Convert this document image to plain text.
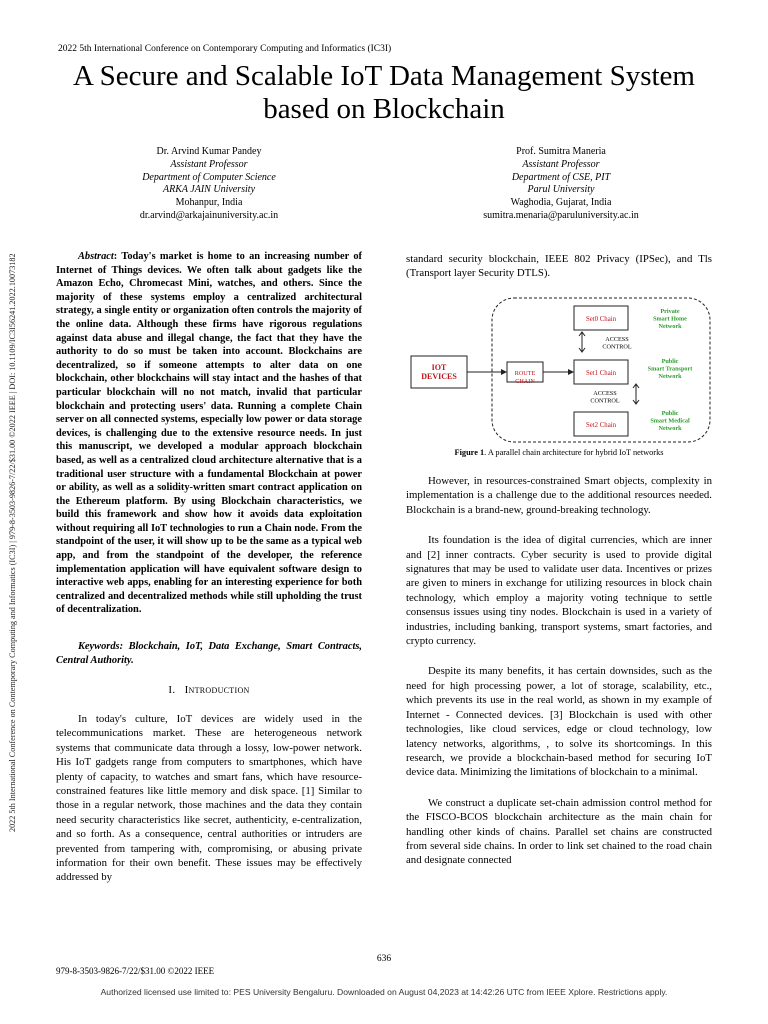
2022 5th International Conference on Contemporary Computing and Informatics (IC3I)
A Secure and Scalable IoT Data Management System based on Blockchain
2022 5th International Conference on Contemporary Computing and Informatics (IC3I) | 979-8-3503-9826-7/22/$31.00 ©2022 IEEE | DOI: 10.1109/IC3I56241.2022.10073182
Dr. Arvind Kumar Pandey
Assistant Professor
Department of Computer Science
ARKA JAIN University
Mohanpur, India
dr.arvind@arkajainuniversity.ac.in
Prof. Sumitra Maneria
Assistant Professor
Department of CSE, PIT
Parul University
Waghodia, Gujarat, India
sumitra.menaria@paruluniversity.ac.in
Abstract: Today's market is home to an increasing number of Internet of Things devices. We often talk about gadgets like the Amazon Echo, Chromecast Mini, watches, and others. Since the majority of these systems employ a centralized architectural strategy, a single entity or organization often controls the majority of the online data. Although these firms have rigorous regulations against data abuse and illegal change, the fact that they have the authority to do so must be taken into account. Blockchains are decentralized, so if someone attempts to alter data on one blockchain, other blockchains will stay intact and the hashes of that particular blockchain will no not match, invalid that particular blockchain and protecting users' data. Running a complete Chain server on all connected systems, especially low power or data storage devices, is challenging due to the extensive resource needs. In just this manuscript, we developed a modular approach blockchain based, as well as a centralized cloud architecture alternative that is a traditional user structure with a fundamental Blockchain at power or ability, as well as a solidity-written smart contract application on the Ethereum platform. By using Blockchain characteristics, we build this framework and show how it avoids data exploitation without requiring all IoT technologies to run a Chain node. From the standpoint of the user, it will show up to be the same as a typical web app, and from the standpoint of the developer, the reference implementation application will have equivalent software design to interactive web apps, enabling for an interesting experience for both centralized and decentralized methods while still upholding the trust of decentralization.
Keywords: Blockchain, IoT, Data Exchange, Smart Contracts, Central Authority.
I. Introduction

In today's culture, IoT devices are widely used in the telecommunications market. These are heterogeneous network systems that communicate data through a lossy, low-power network. His IoT gadgets range from computers to smartphones, which have plenty of capacity, to watches and smart fans, which have resource-constrained features like little memory and disk space. [1] Similar to those in a regular network, those machines and the data they contain need security characteristics like secret, authenticity, e-centralization, and so forth. As a consequence, central authorities or intruders are prevented from tampering with, compromising, or abusing private information for their own benefit. These issues may be effectively addressed by

standard security blockchain, IEEE 802 Privacy (IPSec), and Tls (Transport layer Security DTLS).

IOT DEVICES	ROUTE CHAIN
Set0 Chain
Set1 Chain
Set2 Chain
ACCESS CONTROL
ACCESS CONTROL
Private Smart Home Network
Public Smart Transport Network
Public Smart Medical Network
Figure 1. A parallel chain architecture for hybrid IoT networks

However, in resources-constrained Smart objects, complexity in implementation is a challenge due to the additional resources needed. Blockchain is a brand-new, ground-breaking technology.

Its foundation is the idea of digital currencies, which are inner and [2] inner contracts. Cyber security is used to provide digital signatures that may be used to validate user data. Incentives or prizes are given to miners in exchange for utilizing resources in block chain technology, which employ a majority voting technique to settle consensus issues using tiny nodes. Blockchain is used in a variety of industries, including banking, transport systems, smart factories, and crypto currency.

Despite its many benefits, it has certain downsides, such as the need for high processing power, a lot of storage, scalability, etc., which prevents its use in the real world, as shown in my example of Internet - Connected devices. [3] Blockchain is used with other technologies, like cloud services, edge or cloud technology, low latency networks, algorithms, , to solve its shortcomings. In this research, we provide a blockchain-based method for securing IoT device data. Minimizing the limitations of blockchain to a minimal.

We construct a duplicate set-chain admission control method for the FISCO-BCOS blockchain architecture as the main chain for handling other kinds of chains. Parallel set chains are constructed from several side chains. In order to link set chained to the road chain and designate connected

636
979-8-3503-9826-7/22/$31.00 ©2022 IEEE
Authorized licensed use limited to: PES University Bengaluru. Downloaded on August 04,2023 at 14:42:26 UTC from IEEE Xplore. Restrictions apply.
